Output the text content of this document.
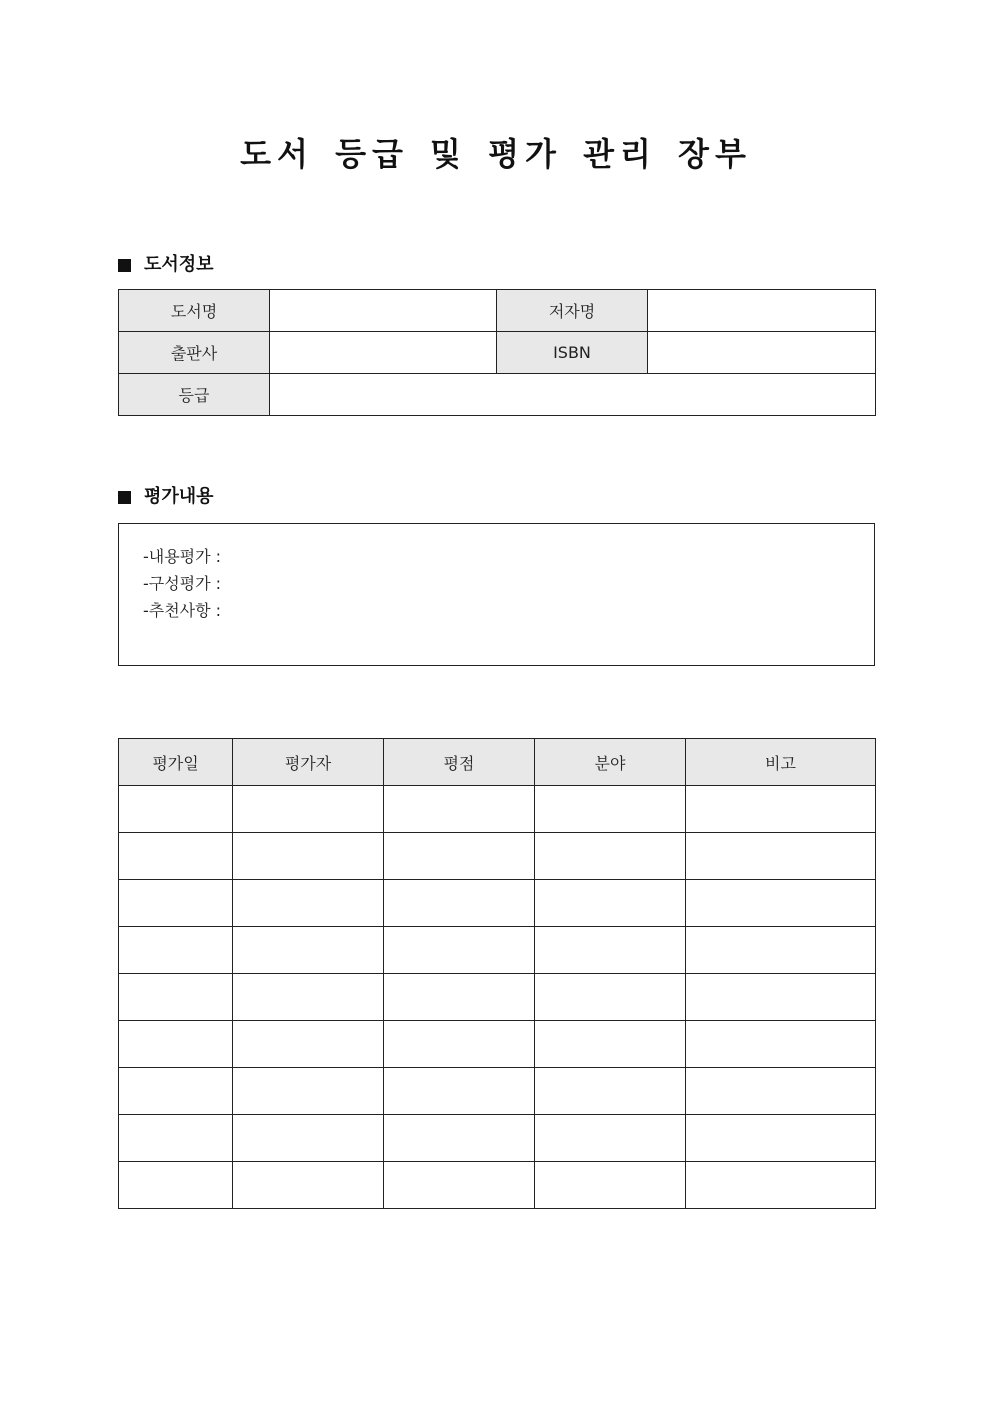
도서 등급 및 평가 관리 장부
도서정보
도서명		저자명	
출판사		ISBN	
등급			
평가내용
-내용평가 :
-구성평가 :
-추천사항 :
평가일	평가자	평점	분야	비고
